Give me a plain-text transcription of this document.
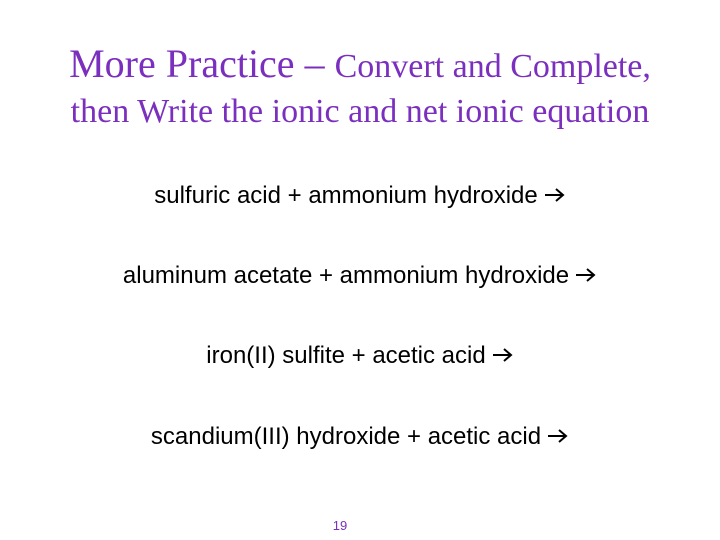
More Practice – Convert and Complete,
then Write the ionic and net ionic equation
sulfuric acid + ammonium hydroxide
aluminum acetate + ammonium hydroxide
iron(II) sulfite + acetic acid
scandium(III) hydroxide + acetic acid
19
